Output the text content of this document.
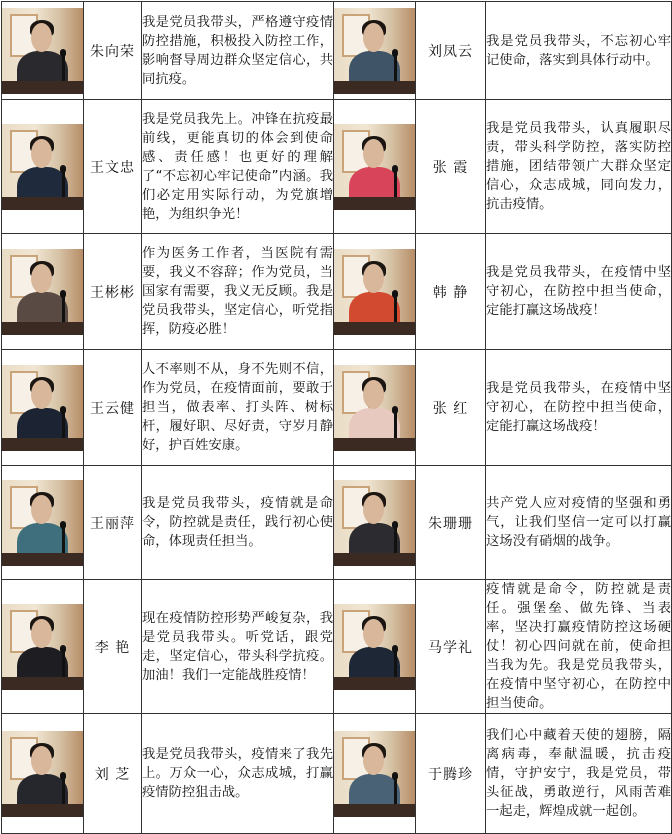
	朱向荣	我是党员我带头，严格遵守疫情防控措施，积极投入防控工作，影响督导周边群众坚定信心，共同抗疫。		刘凤云	我是党员我带头，不忘初心牢记使命，落实到具体行动中。

	王文忠	我是党员我先上。冲锋在抗疫最前线，更能真切的体会到使命感、责任感！也更好的理解了“不忘初心牢记使命”内涵。我们必定用实际行动，为党旗增艳，为组织争光！		张 霞	我是党员我带头，认真履职尽责，带头科学防控，落实防控措施，团结带领广大群众坚定信心，众志成城，同向发力，抗击疫情。

	王彬彬	作为医务工作者，当医院有需要，我义不容辞；作为党员，当国家有需要，我义无反顾。我是党员我带头，坚定信心，听党指挥，防疫必胜！		韩 静	我是党员我带头，在疫情中坚守初心，在防控中担当使命，定能打赢这场战疫！

	王云健	人不率则不从，身不先则不信，作为党员，在疫情面前，要敢于担当，做表率、打头阵、树标杆，履好职、尽好责，守岁月静好，护百姓安康。		张 红	我是党员我带头，在疫情中坚守初心，在防控中担当使命，定能打赢这场战疫！

	王丽萍	我是党员我带头，疫情就是命令，防控就是责任，践行初心使命，体现责任担当。		朱珊珊	共产党人应对疫情的坚强和勇气，让我们坚信一定可以打赢这场没有硝烟的战争。

	李 艳	现在疫情防控形势严峻复杂，我是党员我带头。听党话，跟党走，坚定信心，带头科学抗疫。加油！我们一定能战胜疫情！		马学礼	疫情就是命令，防控就是责任。强堡垒、做先锋、当表率，坚决打赢疫情防控这场硬仗！初心四问就在前，使命担当我为先。我是党员我带头，在疫情中坚守初心，在防控中担当使命。

	刘 芝	我是党员我带头，疫情来了我先上。万众一心，众志成城，打赢疫情防控狙击战。		于腾珍	我们心中藏着天使的翅膀，隔离病毒，奉献温暖，抗击疫情，守护安宁，我是党员，带头征战，勇敢逆行，风雨苦难一起走，辉煌成就一起创。
